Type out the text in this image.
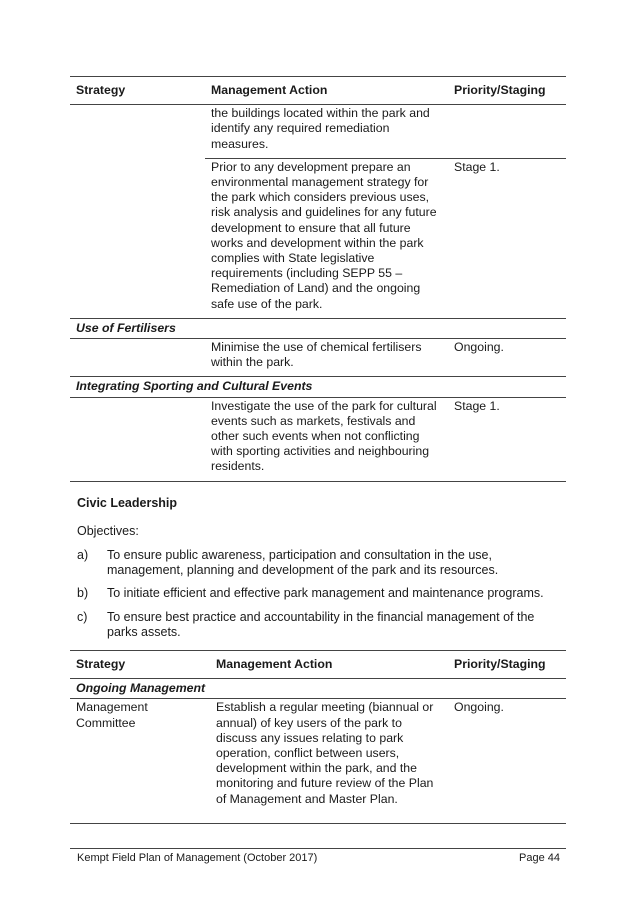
Strategy	Management Action	Priority/Staging
	the buildings located within the park and identify any required remediation measures.	
	Prior to any development prepare an environmental management strategy for the park which considers previous uses, risk analysis and guidelines for any future development to ensure that all future works and development within the park complies with State legislative requirements (including SEPP 55 – Remediation of Land) and the ongoing safe use of the park.	Stage 1.
Use of Fertilisers		
	Minimise the use of chemical fertilisers within the park.	Ongoing.
Integrating Sporting and Cultural Events		
	Investigate the use of the park for cultural events such as markets, festivals and other such events when not conflicting with sporting activities and neighbouring residents.	Stage 1.
Civic Leadership
Objectives:
a) To ensure public awareness, participation and consultation in the use, management, planning and development of the park and its resources.
b) To initiate efficient and effective park management and maintenance programs.
c) To ensure best practice and accountability in the financial management of the parks assets.
Strategy	Management Action	Priority/Staging
Ongoing Management		
Management Committee	Establish a regular meeting (biannual or annual) of key users of the park to discuss any issues relating to park operation, conflict between users, development within the park, and the monitoring and future review of the Plan of Management and Master Plan.	Ongoing.
Kempt Field Plan of Management (October 2017)	Page 44
